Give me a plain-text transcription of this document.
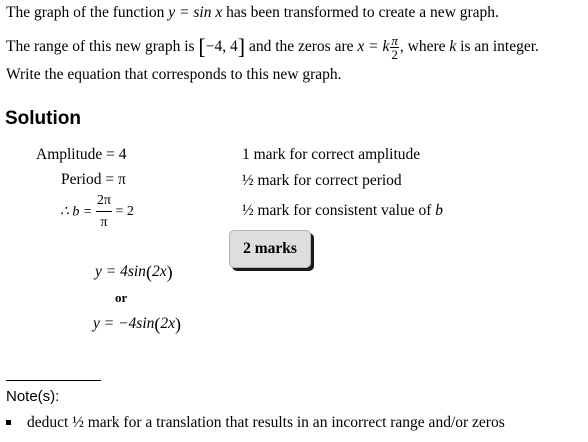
The graph of the function y = sin x has been transformed to create a new graph.
The range of this new graph is [−4, 4] and the zeros are x = k $\frac{\pi}{2}$ , where k is an integer.
Write the equation that corresponds to this new graph.
Solution
Amplitude = 4
Period = π
∴ $b = \frac{2\pi}{\pi} = 2$
y = 4sin(2x)
or
y = −4sin(2x)
1 mark for correct amplitude
½ mark for correct period
½ mark for consistent value of b
2 marks
Note(s):
deduct ½ mark for a translation that results in an incorrect range and/or zeros
